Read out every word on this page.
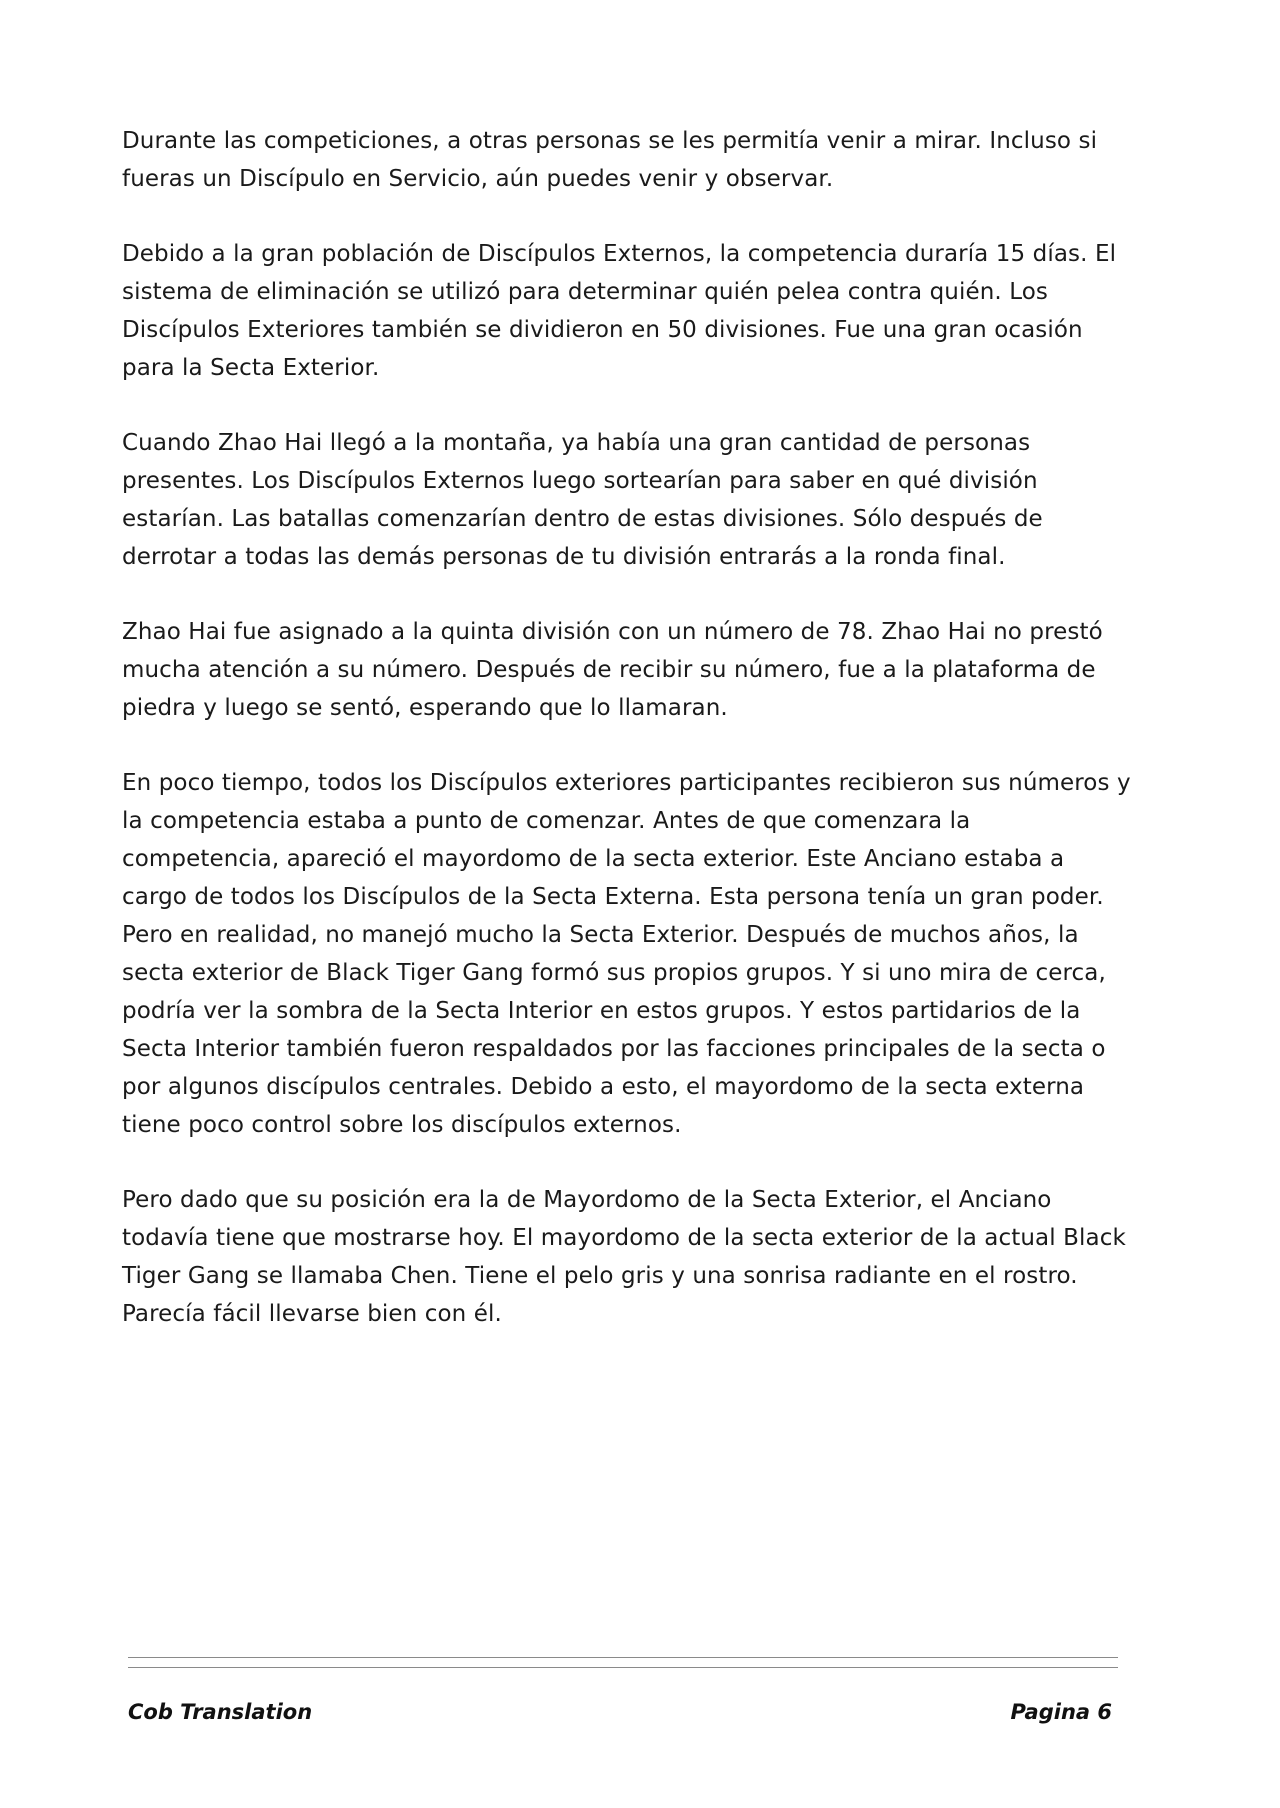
Durante las competiciones, a otras personas se les permitía venir a mirar. Incluso si fueras un Discípulo en Servicio, aún puedes venir y observar.

Debido a la gran población de Discípulos Externos, la competencia duraría 15 días. El sistema de eliminación se utilizó para determinar quién pelea contra quién. Los Discípulos Exteriores también se dividieron en 50 divisiones. Fue una gran ocasión para la Secta Exterior.

Cuando Zhao Hai llegó a la montaña, ya había una gran cantidad de personas presentes. Los Discípulos Externos luego sortearían para saber en qué división estarían. Las batallas comenzarían dentro de estas divisiones. Sólo después de derrotar a todas las demás personas de tu división entrarás a la ronda final.

Zhao Hai fue asignado a la quinta división con un número de 78. Zhao Hai no prestó mucha atención a su número. Después de recibir su número, fue a la plataforma de piedra y luego se sentó, esperando que lo llamaran.

En poco tiempo, todos los Discípulos exteriores participantes recibieron sus números y la competencia estaba a punto de comenzar. Antes de que comenzara la competencia, apareció el mayordomo de la secta exterior. Este Anciano estaba a cargo de todos los Discípulos de la Secta Externa. Esta persona tenía un gran poder. Pero en realidad, no manejó mucho la Secta Exterior. Después de muchos años, la secta exterior de Black Tiger Gang formó sus propios grupos. Y si uno mira de cerca, podría ver la sombra de la Secta Interior en estos grupos. Y estos partidarios de la Secta Interior también fueron respaldados por las facciones principales de la secta o por algunos discípulos centrales. Debido a esto, el mayordomo de la secta externa tiene poco control sobre los discípulos externos.

Pero dado que su posición era la de Mayordomo de la Secta Exterior, el Anciano todavía tiene que mostrarse hoy. El mayordomo de la secta exterior de la actual Black Tiger Gang se llamaba Chen. Tiene el pelo gris y una sonrisa radiante en el rostro. Parecía fácil llevarse bien con él.

Cob Translation	Pagina 6
